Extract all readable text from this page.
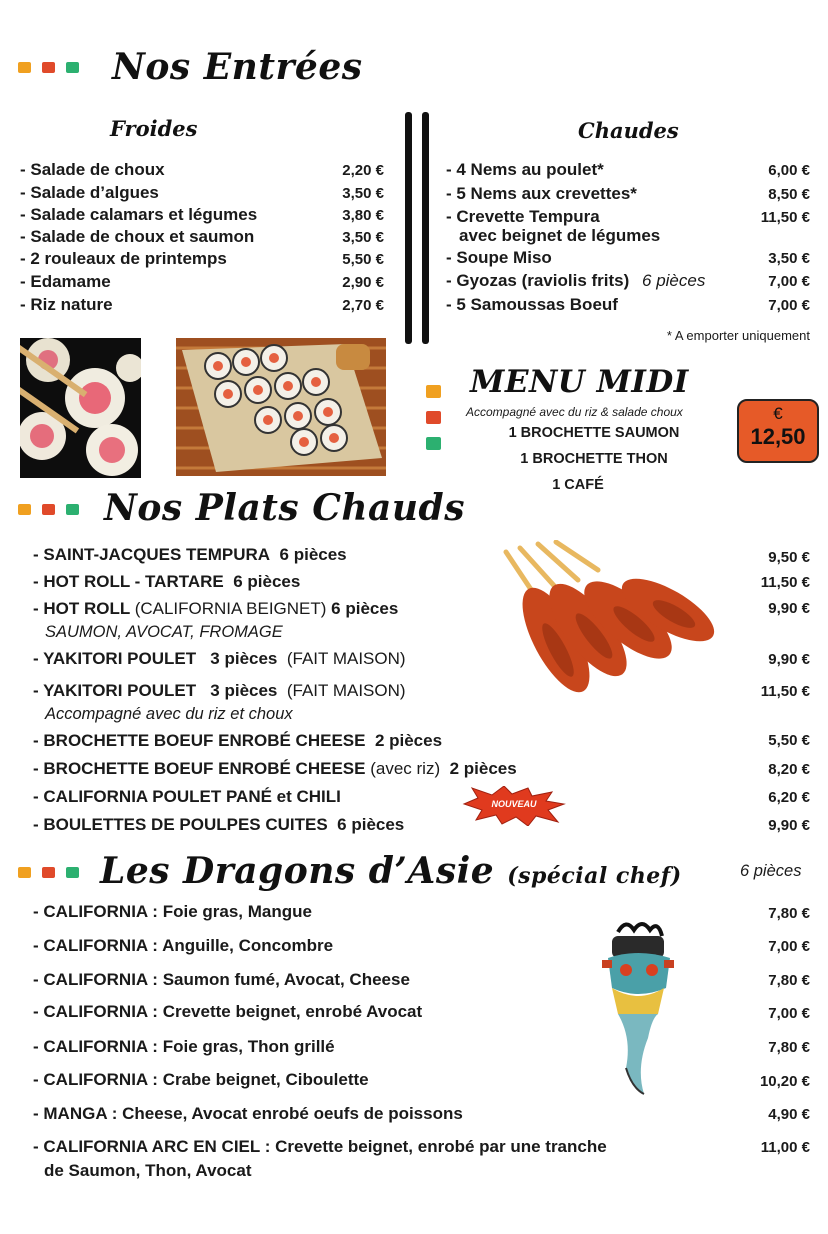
Nos Entrées
Froides	Chaudes
- Salade de choux	2,20 €
- Salade d’algues	3,50 €
- Salade calamars et légumes	3,80 €
- Salade de choux et saumon	3,50 €
- 2 rouleaux de printemps	5,50 €
- Edamame	2,90 €
- Riz nature	2,70 €
- 4 Nems au poulet*	6,00 €
- 5 Nems aux crevettes*	8,50 €
- Crevette Tempura	11,50 €
avec beignet de légumes
- Soupe Miso	3,50 €
- Gyozas (raviolis frits) 6 pièces	7,00 €
- 5 Samoussas Boeuf	7,00 €
* A emporter uniquement
MENU MIDI
Accompagné avec du riz & salade choux
1 BROCHETTE SAUMON
1 BROCHETTE THON
1 CAFÉ
€
12,50
Nos Plats Chauds
- SAINT-JACQUES TEMPURA 6 pièces	9,50 €
- HOT ROLL - TARTARE 6 pièces	11,50 €
- HOT ROLL (CALIFORNIA BEIGNET) 6 pièces	9,90 €
SAUMON, AVOCAT, FROMAGE
- YAKITORI POULET 3 pièces (FAIT MAISON)	9,90 €
- YAKITORI POULET 3 pièces (FAIT MAISON)	11,50 €
Accompagné avec du riz et choux
- BROCHETTE BOEUF ENROBÉ CHEESE 2 pièces	5,50 €
- BROCHETTE BOEUF ENROBÉ CHEESE (avec riz) 2 pièces	8,20 €
- CALIFORNIA POULET PANÉ et CHILI	6,20 €
NOUVEAU
- BOULETTES DE POULPES CUITES 6 pièces	9,90 €
Les Dragons d’Asie (spécial chef)	6 pièces
- CALIFORNIA : Foie gras, Mangue	7,80 €
- CALIFORNIA : Anguille, Concombre	7,00 €
- CALIFORNIA : Saumon fumé, Avocat, Cheese	7,80 €
- CALIFORNIA : Crevette beignet, enrobé Avocat	7,00 €
- CALIFORNIA : Foie gras, Thon grillé	7,80 €
- CALIFORNIA : Crabe beignet, Ciboulette	10,20 €
- MANGA : Cheese, Avocat enrobé oeufs de poissons	4,90 €
- CALIFORNIA ARC EN CIEL : Crevette beignet, enrobé par une tranche	11,00 €
de Saumon, Thon, Avocat
